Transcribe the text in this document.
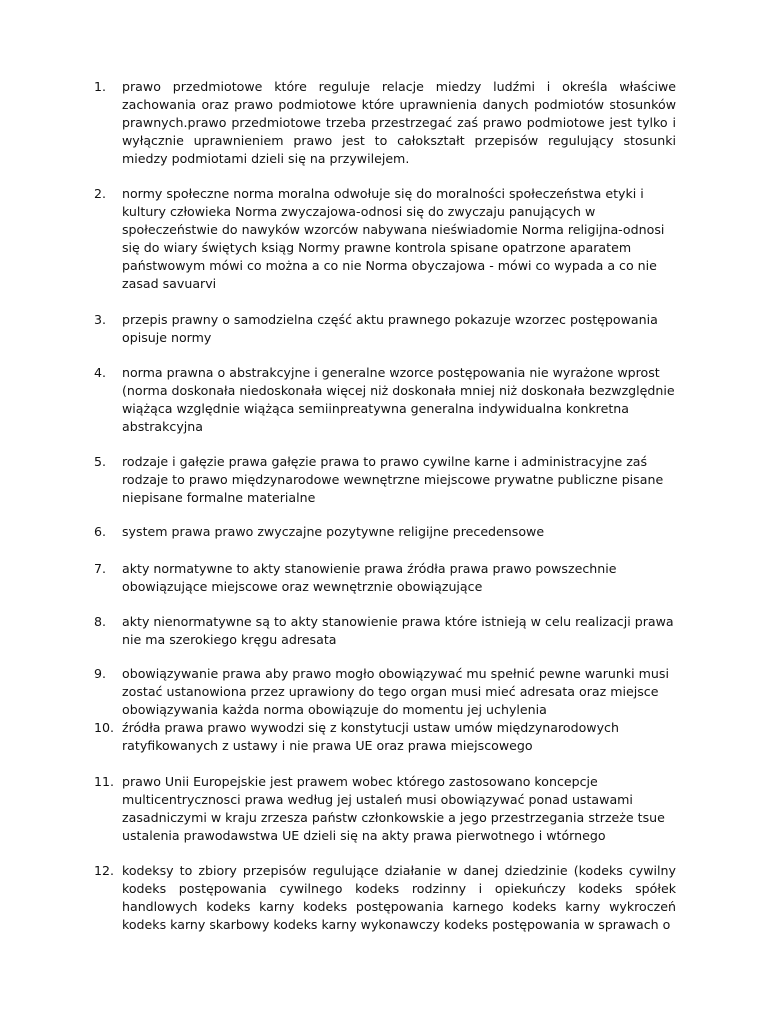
1.	prawo przedmiotowe które reguluje relacje miedzy ludźmi i określa właściwe zachowania oraz prawo podmiotowe które uprawnienia danych podmiotów stosunków prawnych.prawo przedmiotowe trzeba przestrzegać zaś prawo podmiotowe jest tylko i wyłącznie uprawnieniem prawo jest to całokształt przepisów regulujący stosunki miedzy podmiotami dzieli się na przywilejem.
2.	normy społeczne norma moralna odwołuje się do moralności społeczeństwa etyki i kultury człowieka Norma zwyczajowa-odnosi się do zwyczaju panujących w społeczeństwie do nawyków wzorców nabywana nieświadomie Norma religijna-odnosi się do wiary świętych ksiąg Normy prawne kontrola spisane opatrzone aparatem państwowym mówi co można a co nie Norma obyczajowa - mówi co wypada a co nie zasad savuarvi
3.	przepis prawny o samodzielna część aktu prawnego pokazuje wzorzec postępowania opisuje normy
4.	norma prawna o abstrakcyjne i generalne wzorce postępowania nie wyrażone wprost (norma doskonała niedoskonała więcej niż doskonała mniej niż doskonała bezwzględnie wiążąca względnie wiążąca semiinpreatywna generalna indywidualna konkretna abstrakcyjna
5.	rodzaje i gałęzie prawa gałęzie prawa to prawo cywilne karne i administracyjne zaś rodzaje to prawo międzynarodowe wewnętrzne miejscowe prywatne publiczne pisane niepisane formalne materialne
6.	system prawa prawo zwyczajne pozytywne religijne precedensowe
7.	akty normatywne to akty stanowienie prawa źródła prawa prawo powszechnie obowiązujące miejscowe oraz wewnętrznie obowiązujące
8.	akty nienormatywne są to akty stanowienie prawa które istnieją w celu realizacji prawa nie ma szerokiego kręgu adresata
9.	obowiązywanie prawa aby prawo mogło obowiązywać mu spełnić pewne warunki musi zostać ustanowiona przez uprawiony do tego organ musi mieć adresata oraz miejsce obowiązywania każda norma obowiązuje do momentu jej uchylenia
10. źródła prawa prawo wywodzi się z konstytucji ustaw umów międzynarodowych ratyfikowanych z ustawy i nie prawa UE oraz prawa miejscowego
11. prawo Unii Europejskie jest prawem wobec którego zastosowano koncepcje multicentrycznosci prawa według jej ustaleń musi obowiązywać ponad ustawami zasadniczymi w kraju zrzesza państw członkowskie a jego przestrzegania strzeże tsue ustalenia prawodawstwa UE dzieli się na akty prawa pierwotnego i wtórnego
12. kodeksy to zbiory przepisów regulujące działanie w danej dziedzinie (kodeks cywilny kodeks postępowania cywilnego kodeks rodzinny i opiekuńczy kodeks spółek handlowych kodeks karny kodeks postępowania karnego kodeks karny wykroczeń kodeks karny skarbowy kodeks karny wykonawczy kodeks postępowania w sprawach o
